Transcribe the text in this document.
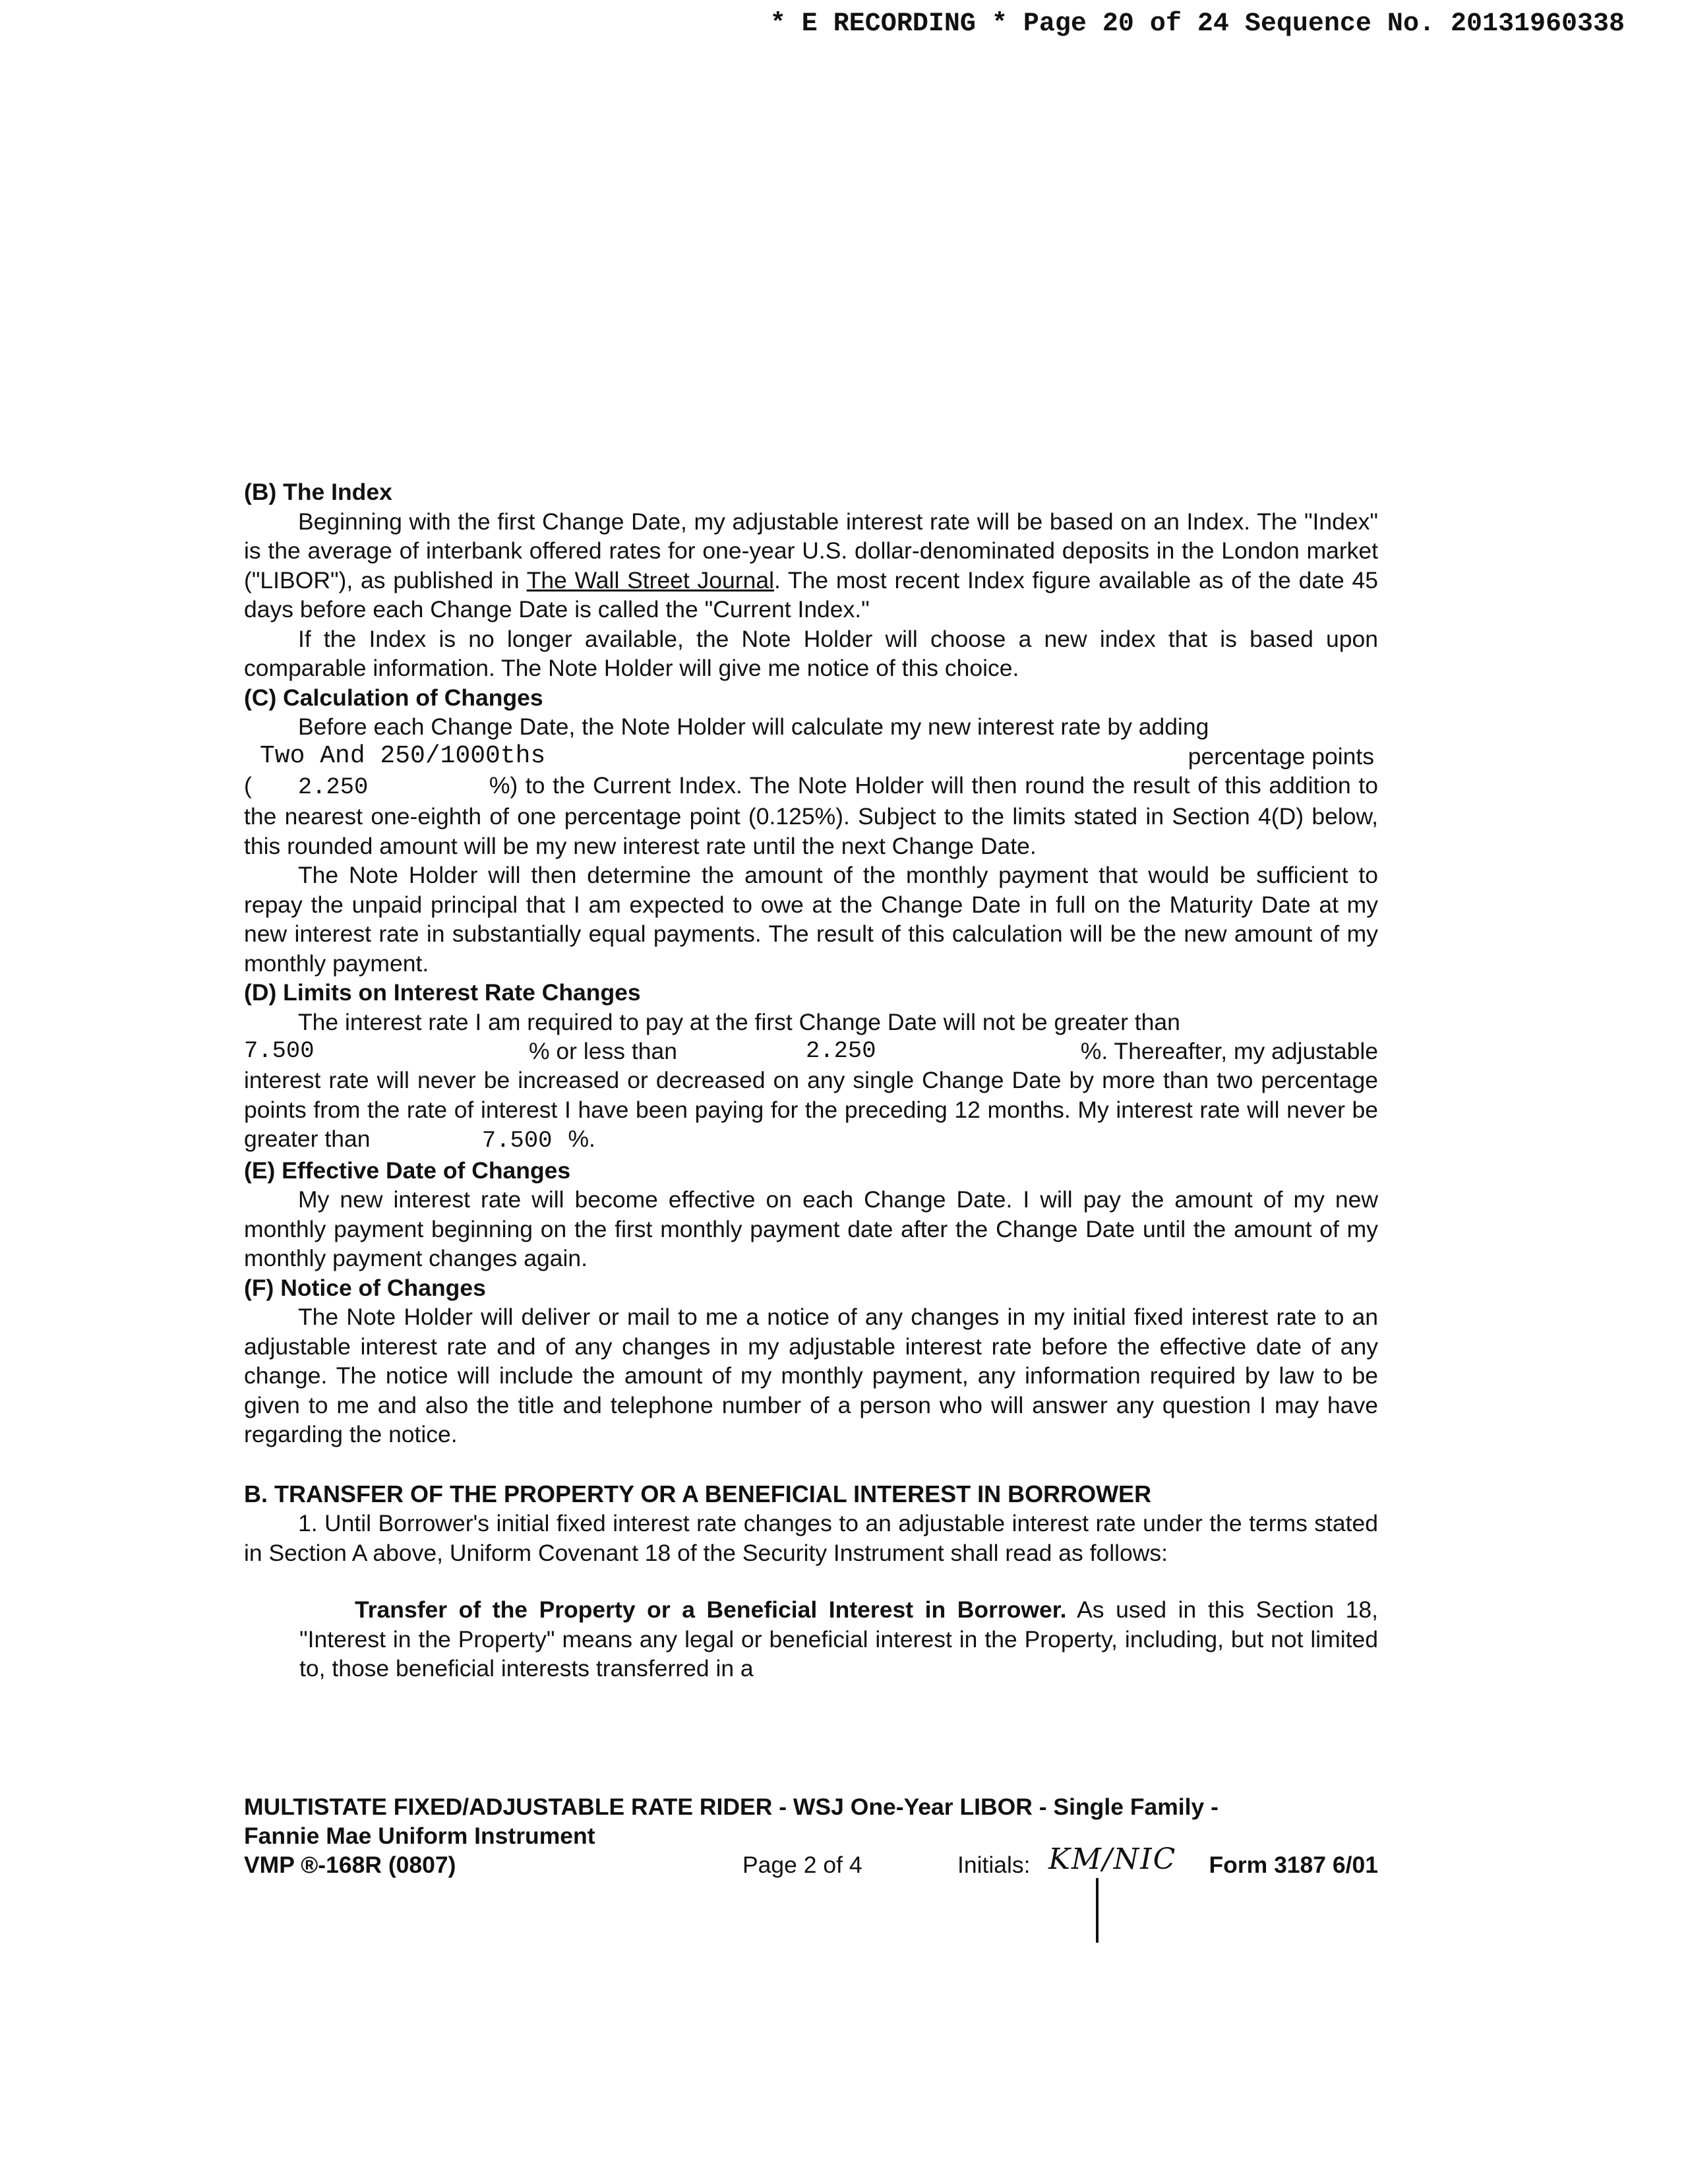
* E RECORDING * Page 20 of 24 Sequence No. 20131960338

(B) The Index

Beginning with the first Change Date, my adjustable interest rate will be based on an Index. The "Index" is the average of interbank offered rates for one-year U.S. dollar-denominated deposits in the London market ("LIBOR"), as published in The Wall Street Journal. The most recent Index figure available as of the date 45 days before each Change Date is called the "Current Index."

If the Index is no longer available, the Note Holder will choose a new index that is based upon comparable information. The Note Holder will give me notice of this choice.

(C) Calculation of Changes

Before each Change Date, the Note Holder will calculate my new interest rate by adding

Two And 250/1000ths	percentage points

( 2.250	%) to the Current Index. The Note Holder will then round the result of this addition to the nearest one-eighth of one percentage point (0.125%). Subject to the limits stated in Section 4(D) below, this rounded amount will be my new interest rate until the next Change Date.

The Note Holder will then determine the amount of the monthly payment that would be sufficient to repay the unpaid principal that I am expected to owe at the Change Date in full on the Maturity Date at my new interest rate in substantially equal payments. The result of this calculation will be the new amount of my monthly payment.

(D) Limits on Interest Rate Changes

The interest rate I am required to pay at the first Change Date will not be greater than

7.500	% or less than	2.250	%. Thereafter, my adjustable

interest rate will never be increased or decreased on any single Change Date by more than two percentage points from the rate of interest I have been paying for the preceding 12 months. My interest rate will never be greater than	7.500 %.

(E) Effective Date of Changes

My new interest rate will become effective on each Change Date. I will pay the amount of my new monthly payment beginning on the first monthly payment date after the Change Date until the amount of my monthly payment changes again.

(F) Notice of Changes

The Note Holder will deliver or mail to me a notice of any changes in my initial fixed interest rate to an adjustable interest rate and of any changes in my adjustable interest rate before the effective date of any change. The notice will include the amount of my monthly payment, any information required by law to be given to me and also the title and telephone number of a person who will answer any question I may have regarding the notice.

B. TRANSFER OF THE PROPERTY OR A BENEFICIAL INTEREST IN BORROWER

1. Until Borrower's initial fixed interest rate changes to an adjustable interest rate under the terms stated in Section A above, Uniform Covenant 18 of the Security Instrument shall read as follows:

Transfer of the Property or a Beneficial Interest in Borrower. As used in this Section 18, "Interest in the Property" means any legal or beneficial interest in the Property, including, but not limited to, those beneficial interests transferred in a

MULTISTATE FIXED/ADJUSTABLE RATE RIDER - WSJ One-Year LIBOR - Single Family -
Fannie Mae Uniform Instrument
VMP ®-168R (0807)	Page 2 of 4	Initials: KM/NIC Form 3187 6/01
